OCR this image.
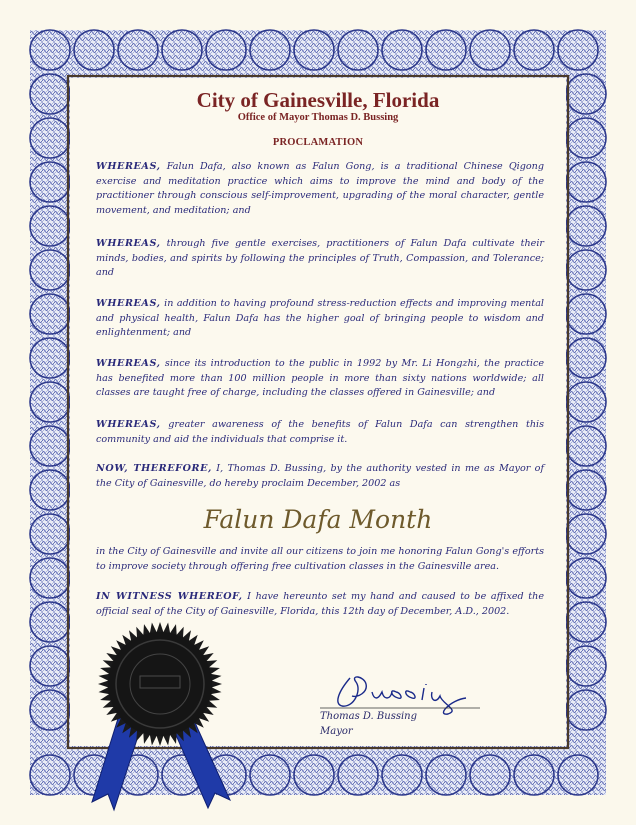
City of Gainesville, Florida
Office of Mayor Thomas D. Bussing
PROCLAMATION

WHEREAS, Falun Dafa, also known as Falun Gong, is a traditional Chinese Qigong exercise and meditation practice which aims to improve the mind and body of the practitioner through conscious self-improvement, upgrading of the moral character, gentle movement, and meditation; and

WHEREAS, through five gentle exercises, practitioners of Falun Dafa cultivate their minds, bodies, and spirits by following the principles of Truth, Compassion, and Tolerance; and

WHEREAS, in addition to having profound stress-reduction effects and improving mental and physical health, Falun Dafa has the higher goal of bringing people to wisdom and enlightenment; and

WHEREAS, since its introduction to the public in 1992 by Mr. Li Hongzhi, the practice has benefited more than 100 million people in more than sixty nations worldwide; all classes are taught free of charge, including the classes offered in Gainesville; and

WHEREAS, greater awareness of the benefits of Falun Dafa can strengthen this community and aid the individuals that comprise it.

NOW, THEREFORE, I, Thomas D. Bussing, by the authority vested in me as Mayor of the City of Gainesville, do hereby proclaim December, 2002 as

Falun Dafa Month

in the City of Gainesville and invite all our citizens to join me honoring Falun Gong's efforts to improve society through offering free cultivation classes in the Gainesville area.

IN WITNESS WHEREOF, I have hereunto set my hand and caused to be affixed the official seal of the City of Gainesville, Florida, this 12th day of December, A.D., 2002.

Thomas D. Bussing
Mayor
